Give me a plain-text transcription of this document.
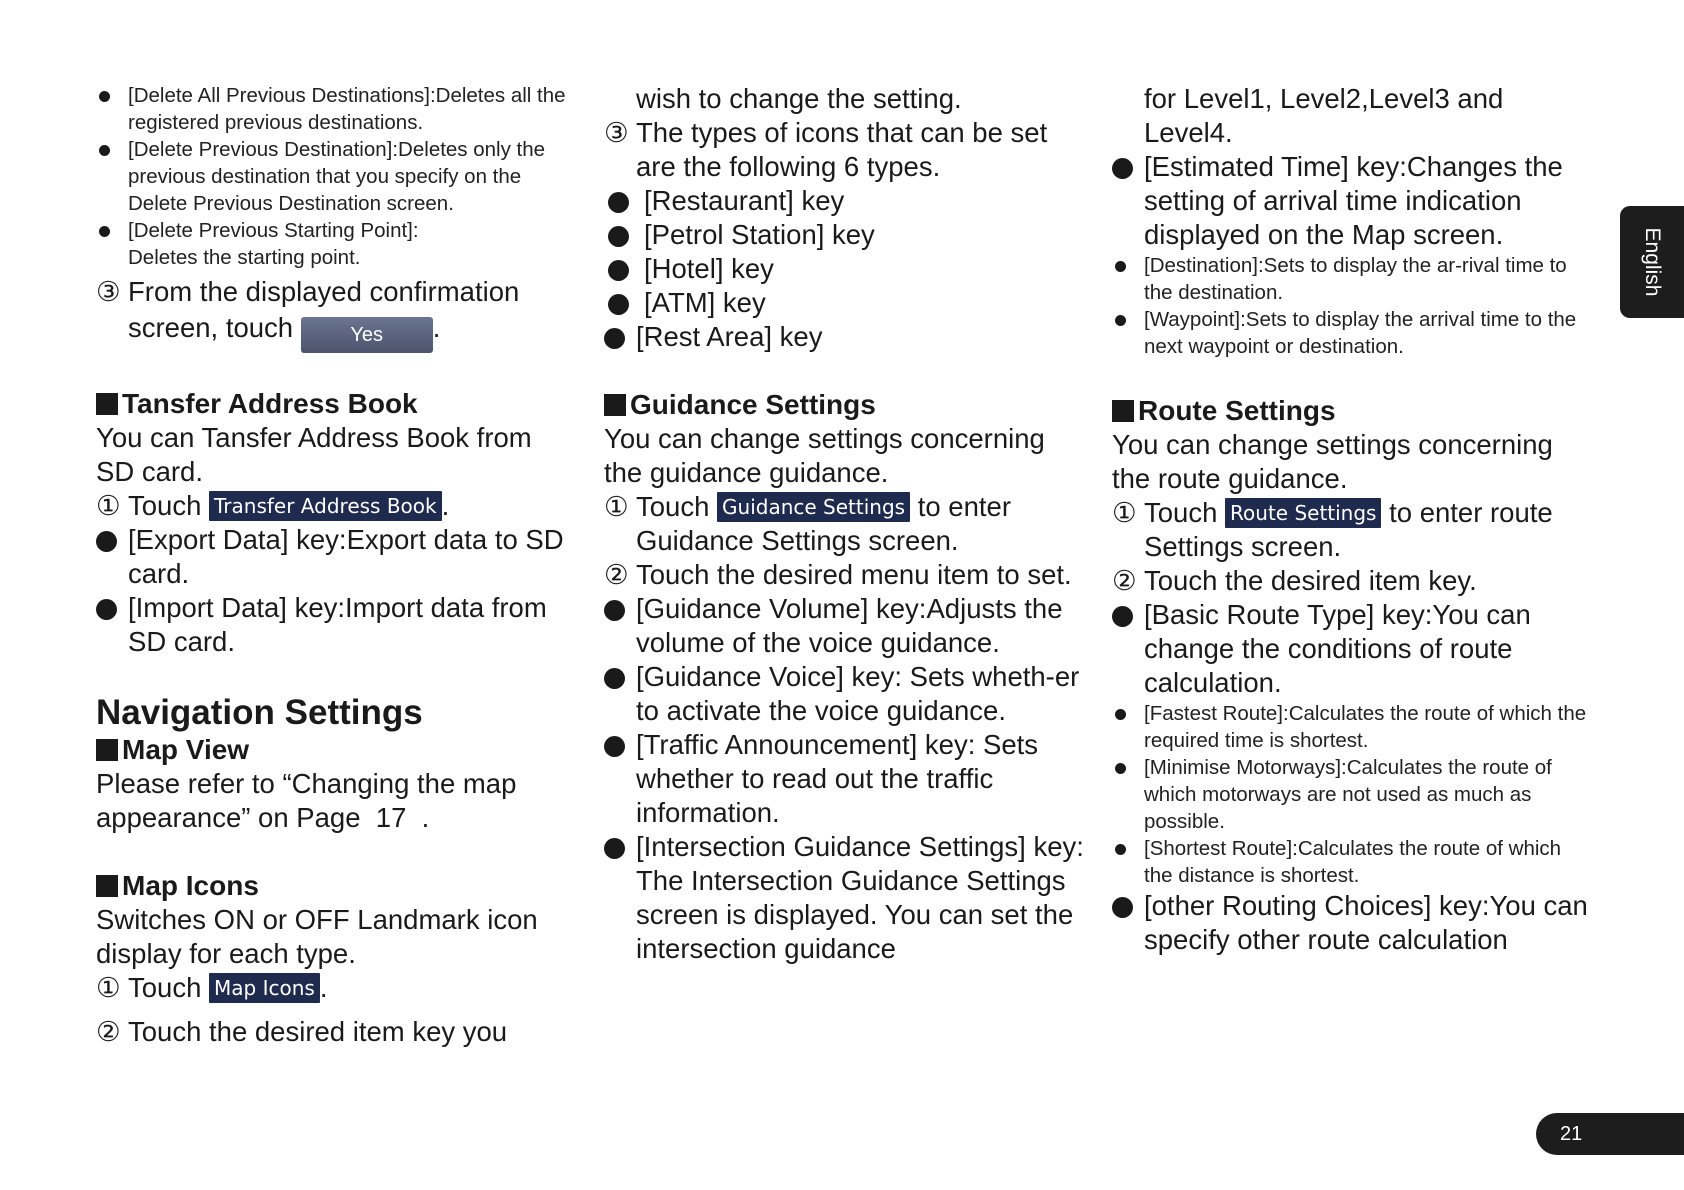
[Delete All Previous Destinations]:Deletes all the registered previous destinations.
[Delete Previous Destination]:Deletes only the previous destination that you specify on the Delete Previous Destination screen.
[Delete Previous Starting Point]:
Deletes the starting point.
③ From the displayed confirmation
screen, touch	Yes .
Tansfer Address Book
You can Tansfer Address Book from SD card.
① Touch Transfer Address Book .
[Export Data] key:Export data to SD card.
[Import Data] key:Import data from SD card.
Navigation Settings
Map View
Please refer to “Changing the map appearance” on Page 17 .
Map Icons
Switches ON or OFF Landmark icon display for each type.
① Touch Map Icons .
② Touch the desired item key you
wish to change the setting.
③ The types of icons that can be set are the following 6 types.
[Restaurant] key
[Petrol Station] key
[Hotel] key
[ATM] key
[Rest Area] key
Guidance Settings
You can change settings concerning the guidance guidance.
① Touch Guidance Settings to enter
Guidance Settings screen.
② Touch the desired menu item to set.
[Guidance Volume] key:Adjusts the volume of the voice guidance.
[Guidance Voice] key: Sets wheth-er to activate the voice guidance.
[Traffic Announcement] key: Sets whether to read out the traffic information.
[Intersection Guidance Settings] key: The Intersection Guidance Settings screen is displayed. You can set the intersection guidance
for Level1, Level2,Level3 and Level4.
[Estimated Time] key:Changes the setting of arrival time indication displayed on the Map screen.
[Destination]:Sets to display the ar-rival time to the destination.
[Waypoint]:Sets to display the arrival time to the next waypoint or destination.
Route Settings
You can change settings concerning the route guidance.
① Touch Route Settings to enter route
Settings screen.
② Touch the desired item key.
[Basic Route Type] key:You can change the conditions of route calculation.
[Fastest Route]:Calculates the route of which the required time is shortest.
[Minimise Motorways]:Calculates the route of which motorways are not used as much as possible.
[Shortest Route]:Calculates the route of which the distance is shortest.
[other Routing Choices] key:You can specify other route calculation
English
21
